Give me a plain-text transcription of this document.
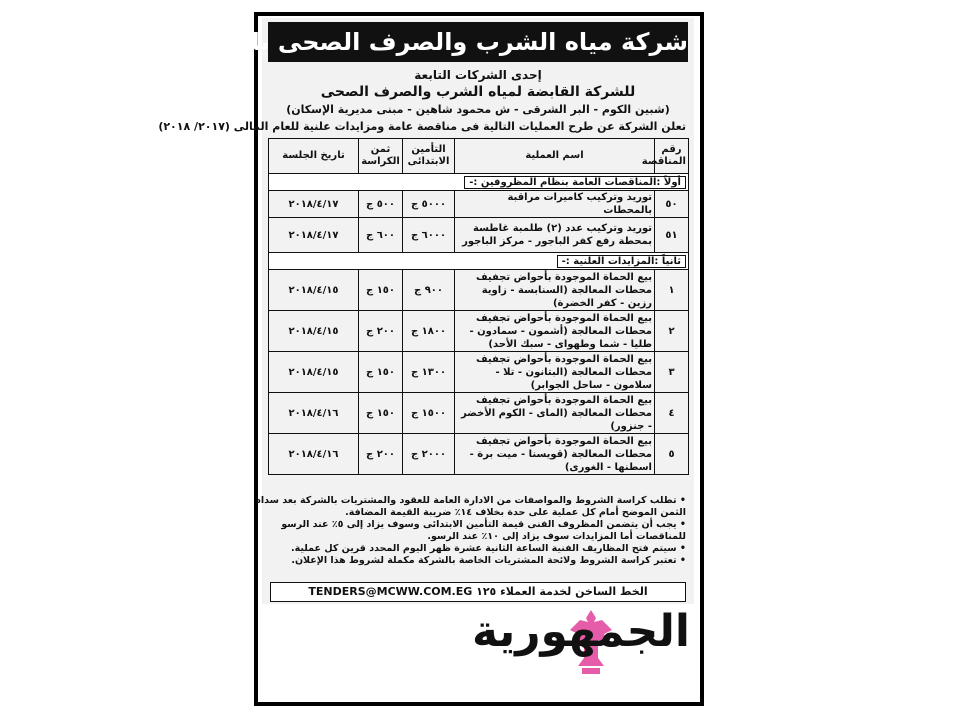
شركة مياه الشرب والصرف الصحى بالمنوفية
إحدى الشركات التابعة
للشركة القابضة لمياه الشرب والصرف الصحى
(شبين الكوم - البر الشرقى - ش محمود شاهين - مبنى مديرية الإسكان)
تعلن الشركة عن طرح العمليات التالية فى مناقصة عامة ومزايدات علنية للعام المالى (٢٠١٧/ ٢٠١٨)
رقم المناقصة	اسم العملية	التأمين الابتدائى	ثمن الكراسة	تاريخ الجلسة
أولاً :المناقصات العامة بنظام المظروفين :-				
٥٠	توريد وتركيب كاميرات مراقبة بالمحطات	٥٠٠٠ ج	٥٠٠ ج	٢٠١٨/٤/١٧
٥١	توريد وتركيب عدد (٢) طلمبة غاطسة بمحطة رفع كفر الباجور - مركز الباجور	٦٠٠٠ ج	٦٠٠ ج	٢٠١٨/٤/١٧
ثانياً :المزايدات العلنية :-				
١	بيع الحماة الموجودة بأحواض تجفيف محطات المعالجة (السنابسة - زاوية رزين - كفر الخضرة)	٩٠٠ ج	١٥٠ ج	٢٠١٨/٤/١٥
٢	بيع الحماة الموجودة بأحواض تجفيف محطات المعالجة (أشمون - سمادون - طليا - شما وطهواى - سبك الأحد)	١٨٠٠ ج	٢٠٠ ج	٢٠١٨/٤/١٥
٣	بيع الحماة الموجودة بأحواض تجفيف محطات المعالجة (البتانون - تلا - سلامون - ساحل الجوابر)	١٣٠٠ ج	١٥٠ ج	٢٠١٨/٤/١٥
٤	بيع الحماة الموجودة بأحواض تجفيف محطات المعالجة (الماى - الكوم الأخضر - جنزور)	١٥٠٠ ج	١٥٠ ج	٢٠١٨/٤/١٦
٥	بيع الحماة الموجودة بأحواض تجفيف محطات المعالجة (قويسنا - ميت برة - اسطنها - الغورى)	٢٠٠٠ ج	٢٠٠ ج	٢٠١٨/٤/١٦
• تطلب كراسة الشروط والمواصفات من الادارة العامة للعقود والمشتريات بالشركة بعد سداد
الثمن الموضح أمام كل عملية على حدة بخلاف ١٤٪ ضريبة القيمة المضافة.
• يجب أن يتضمن المظروف الفنى قيمة التأمين الابتدائى وسوف يزاد إلى ٥٪ عند الرسو
للمناقصات أما المزايدات سوف يزاد إلى ١٠٪ عند الرسو.
• سيتم فتح المظاريف الفنية الساعة الثانية عشرة ظهر اليوم المحدد قرين كل عملية.
• تعتبر كراسة الشروط ولائحة المشتريات الخاصة بالشركة مكملة لشروط هذا الإعلان.
الخط الساخن لخدمة العملاء ١٢٥ TENDERS@MCWW.COM.EG
الجمهورية
